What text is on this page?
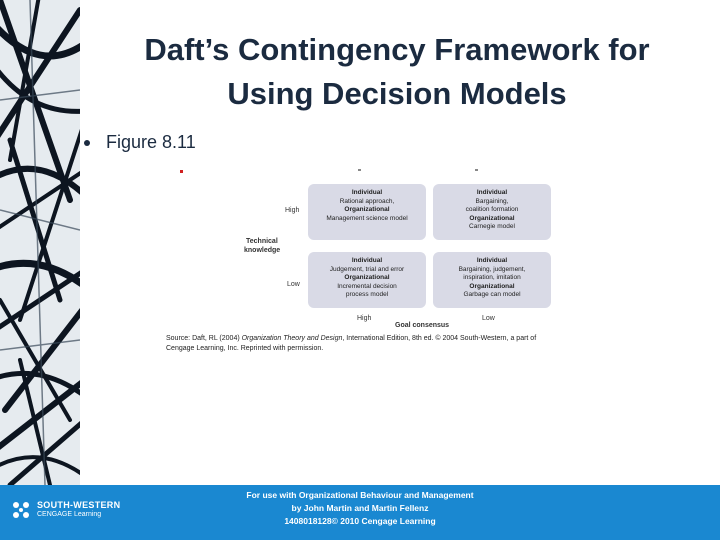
Daft’s Contingency Framework for
Using Decision Models
Figure 8.11
High
Technical
knowledge
Low
Individual
Rational approach,
Organizational
Management science model
Individual
Bargaining,
coalition formation
Organizational
Carnegie model
Individual
Judgement, trial and error
Organizational
Incremental decision
process model
Individual
Bargaining, judgement,
inspiration, imitation
Organizational
Garbage can model
High
Goal consensus
Low
Source: Daft, RL (2004) Organization Theory and Design, International Edition, 8th ed. © 2004 South-Western, a part of
Cengage Learning, Inc. Reprinted with permission.
SOUTH-WESTERN
CENGAGE Learning
For use with Organizational Behaviour and Management
by John Martin and Martin Fellenz
1408018128© 2010 Cengage Learning
